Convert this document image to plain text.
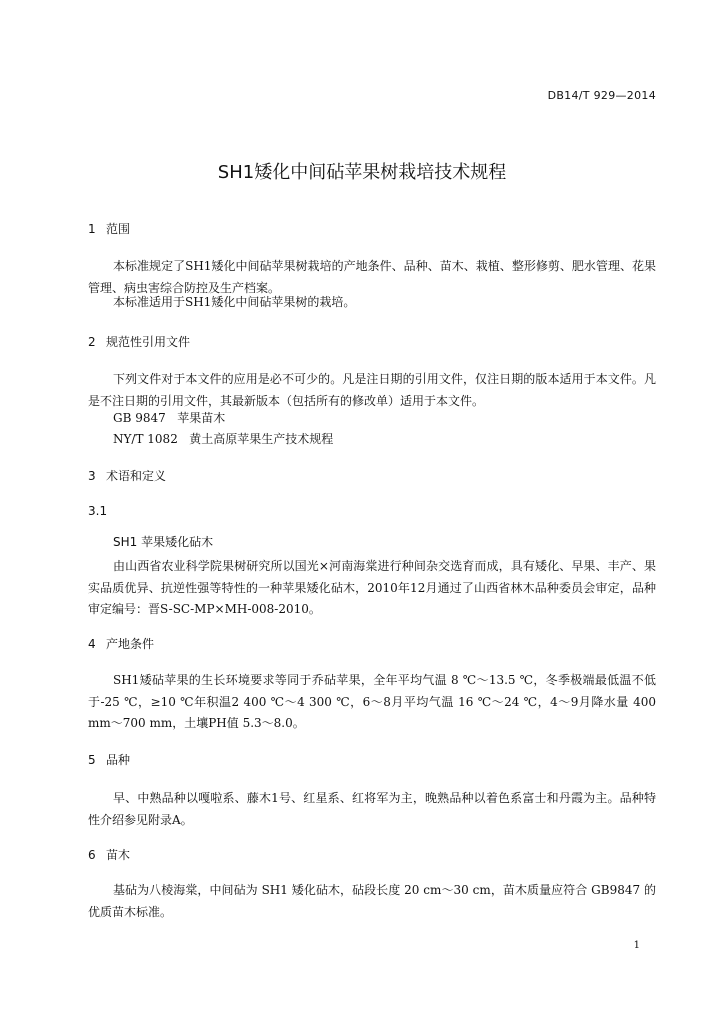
DB14/T 929—2014
SH1矮化中间砧苹果树栽培技术规程
1 范围
本标准规定了SH1矮化中间砧苹果树栽培的产地条件、品种、苗木、栽植、整形修剪、肥水管理、花果管理、病虫害综合防控及生产档案。
本标准适用于SH1矮化中间砧苹果树的栽培。
2 规范性引用文件
下列文件对于本文件的应用是必不可少的。凡是注日期的引用文件，仅注日期的版本适用于本文件。凡是不注日期的引用文件，其最新版本（包括所有的修改单）适用于本文件。
GB 9847   苹果苗木
NY/T 1082   黄土高原苹果生产技术规程
3 术语和定义
3.1
SH1 苹果矮化砧木
由山西省农业科学院果树研究所以国光×河南海棠进行种间杂交选育而成，具有矮化、早果、丰产、果实品质优异、抗逆性强等特性的一种苹果矮化砧木，2010年12月通过了山西省林木品种委员会审定，品种审定编号：晋S-SC-MP×MH-008-2010。
4 产地条件
SH1矮砧苹果的生长环境要求等同于乔砧苹果，全年平均气温 8 ℃～13.5 ℃，冬季极端最低温不低于-25 ℃，≥10 ℃年积温2 400 ℃～4 300 ℃，6～8月平均气温 16 ℃～24 ℃，4～9月降水量 400 mm～700 mm，土壤PH值 5.3～8.0。
5 品种
早、中熟品种以嘎啦系、藤木1号、红星系、红将军为主，晚熟品种以着色系富士和丹霞为主。品种特性介绍参见附录A。
6 苗木
基砧为八棱海棠，中间砧为 SH1 矮化砧木，砧段长度 20 cm～30 cm，苗木质量应符合 GB9847 的优质苗木标准。
1
